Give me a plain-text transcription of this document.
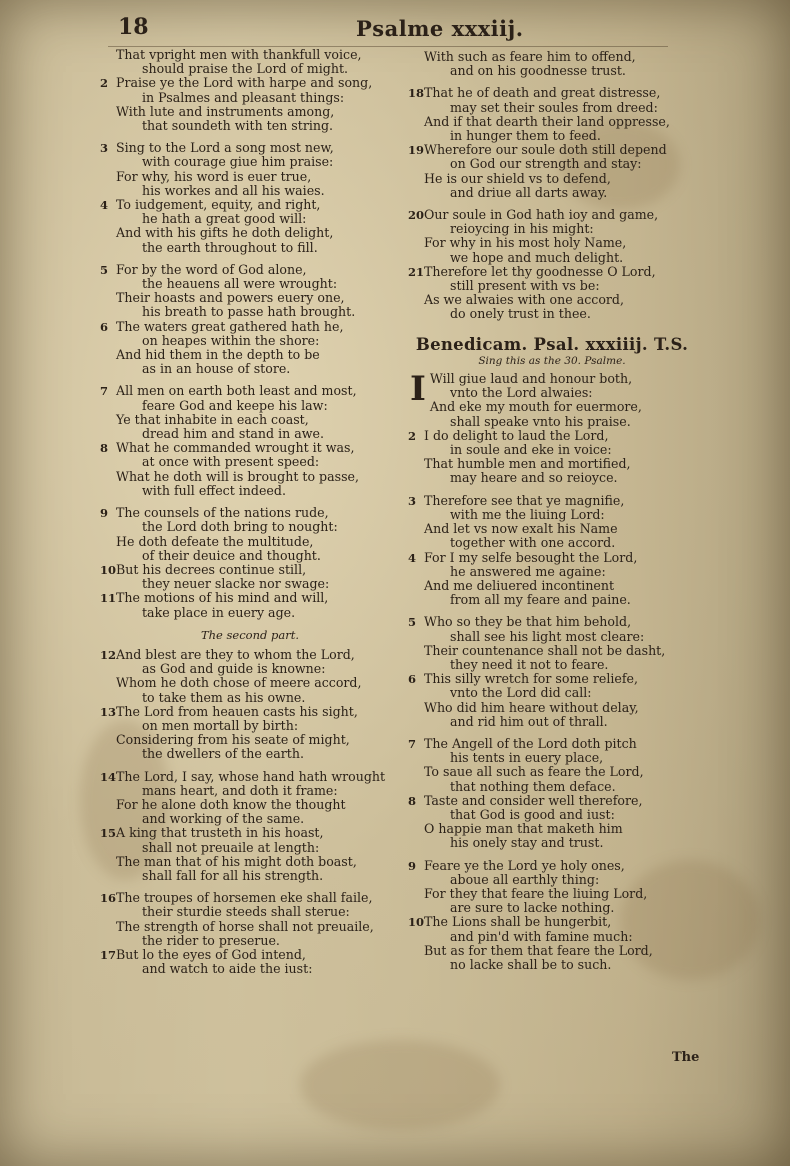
18	Psalme xxxiij.
That vpright men with thankfull voice,
should praise the Lord of might.
2 Praise ye the Lord with harpe and song,
in Psalmes and pleasant things:
With lute and instruments among,
that soundeth with ten string.
3 Sing to the Lord a song most new,
with courage giue him praise:
For why, his word is euer true,
his workes and all his waies.
4 To iudgement, equity, and right,
he hath a great good will:
And with his gifts he doth delight,
the earth throughout to fill.
5 For by the word of God alone,
the heauens all were wrought:
Their hoasts and powers euery one,
his breath to passe hath brought.
6 The waters great gathered hath he,
on heapes within the shore:
And hid them in the depth to be
as in an house of store.
7 All men on earth both least and most,
feare God and keepe his law:
Ye that inhabite in each coast,
dread him and stand in awe.
8 What he commanded wrought it was,
at once with present speed:
What he doth will is brought to passe,
with full effect indeed.
9 The counsels of the nations rude,
the Lord doth bring to nought:
He doth defeate the multitude,
of their deuice and thought.
10 But his decrees continue still,
they neuer slacke nor swage:
11 The motions of his mind and will,
take place in euery age.
The second part.
12 And blest are they to whom the Lord,
as God and guide is knowne:
Whom he doth chose of meere accord,
to take them as his owne.
13 The Lord from heauen casts his sight,
on men mortall by birth:
Considering from his seate of might,
the dwellers of the earth.
14 The Lord, I say, whose hand hath wrought
mans heart, and doth it frame:
For he alone doth know the thought
and working of the same.
15 A king that trusteth in his hoast,
shall not preuaile at length:
The man that of his might doth boast,
shall fall for all his strength.
16 The troupes of horsemen eke shall faile,
their sturdie steeds shall sterue:
The strength of horse shall not preuaile,
the rider to preserue.
17 But lo the eyes of God intend,
and watch to aide the iust:
With such as feare him to offend,
and on his goodnesse trust.
18 That he of death and great distresse,
may set their soules from dreed:
And if that dearth their land oppresse,
in hunger them to feed.
19 Wherefore our soule doth still depend
on God our strength and stay:
He is our shield vs to defend,
and driue all darts away.
20 Our soule in God hath ioy and game,
reioycing in his might:
For why in his most holy Name,
we hope and much delight.
21 Therefore let thy goodnesse O Lord,
still present with vs be:
As we alwaies with one accord,
do onely trust in thee.
Benedicam. Psal. xxxiiij. T.S.
Sing this as the 30. Psalme.
I Will giue laud and honour both,
vnto the Lord alwaies:
And eke my mouth for euermore,
shall speake vnto his praise.
2 I do delight to laud the Lord,
in soule and eke in voice:
That humble men and mortified,
may heare and so reioyce.
3 Therefore see that ye magnifie,
with me the liuing Lord:
And let vs now exalt his Name
together with one accord.
4 For I my selfe besought the Lord,
he answered me againe:
And me deliuered incontinent
from all my feare and paine.
5 Who so they be that him behold,
shall see his light most cleare:
Their countenance shall not be dasht,
they need it not to feare.
6 This silly wretch for some reliefe,
vnto the Lord did call:
Who did him heare without delay,
and rid him out of thrall.
7 The Angell of the Lord doth pitch
his tents in euery place,
To saue all such as feare the Lord,
that nothing them deface.
8 Taste and consider well therefore,
that God is good and iust:
O happie man that maketh him
his onely stay and trust.
9 Feare ye the Lord ye holy ones,
aboue all earthly thing:
For they that feare the liuing Lord,
are sure to lacke nothing.
10 The Lions shall be hungerbit,
and pin'd with famine much:
But as for them that feare the Lord,
no lacke shall be to such.
The
